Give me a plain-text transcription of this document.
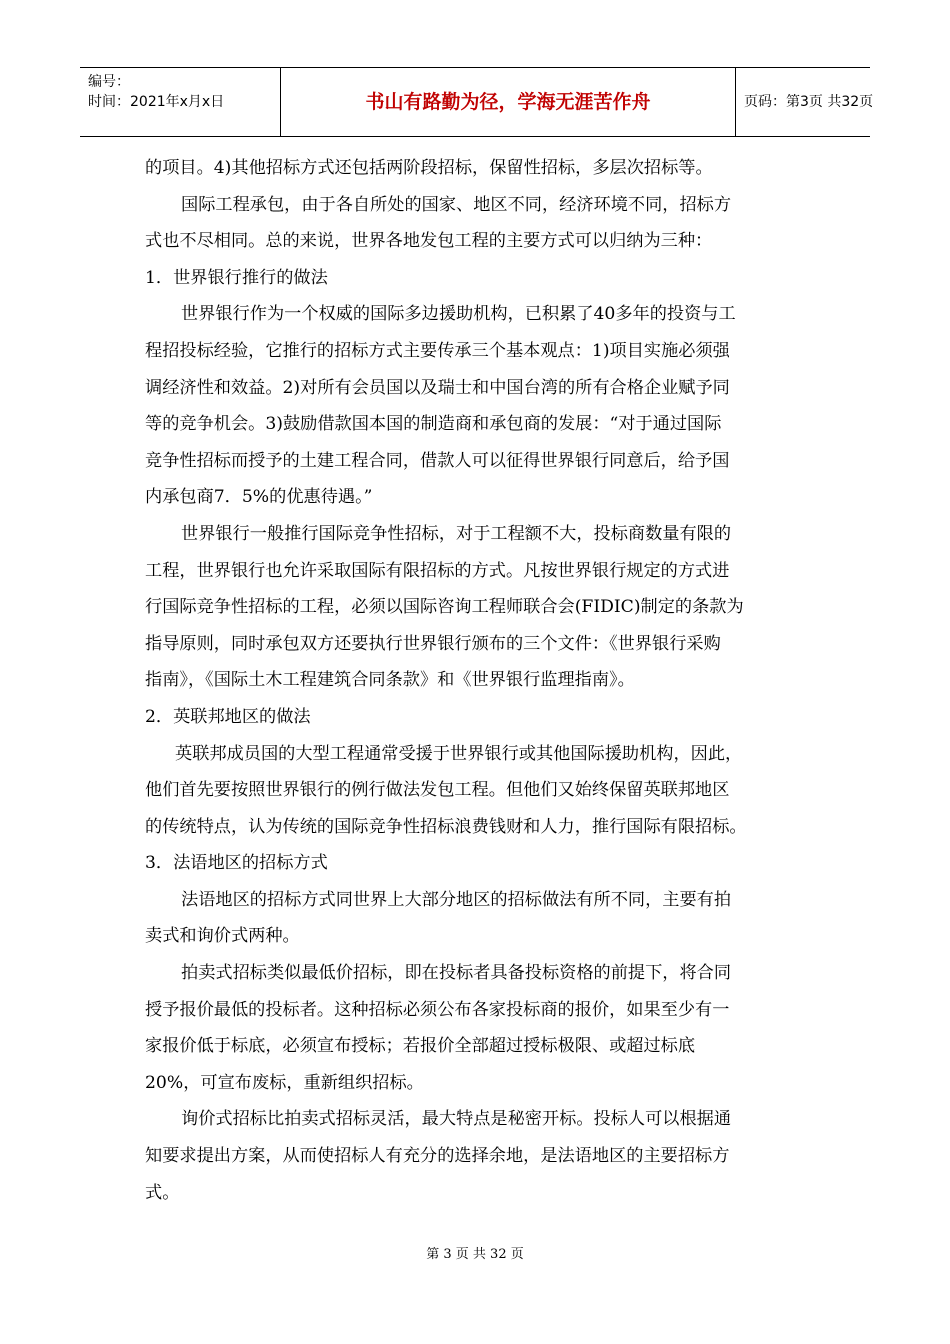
编号：
时间：2021年x月x日	书山有路勤为径，学海无涯苦作舟	页码：第3页 共32页
的项目。4)其他招标方式还包括两阶段招标，保留性招标，多层次招标等。
国际工程承包，由于各自所处的国家、地区不同，经济环境不同，招标方
式也不尽相同。总的来说，世界各地发包工程的主要方式可以归纳为三种：
1．世界银行推行的做法
世界银行作为一个权威的国际多边援助机构，已积累了40多年的投资与工
程招投标经验，它推行的招标方式主要传承三个基本观点：1)项目实施必须强
调经济性和效益。2)对所有会员国以及瑞士和中国台湾的所有合格企业赋予同
等的竞争机会。3)鼓励借款国本国的制造商和承包商的发展：“对于通过国际
竞争性招标而授予的土建工程合同，借款人可以征得世界银行同意后，给予国
内承包商7．5%的优惠待遇。”
世界银行一般推行国际竞争性招标，对于工程额不大，投标商数量有限的
工程，世界银行也允许采取国际有限招标的方式。凡按世界银行规定的方式进
行国际竞争性招标的工程，必须以国际咨询工程师联合会(FIDIC)制定的条款为
指导原则，同时承包双方还要执行世界银行颁布的三个文件：《世界银行采购
指南》，《国际土木工程建筑合同条款》和《世界银行监理指南》。
2．英联邦地区的做法
英联邦成员国的大型工程通常受援于世界银行或其他国际援助机构，因此，
他们首先要按照世界银行的例行做法发包工程。但他们又始终保留英联邦地区
的传统特点，认为传统的国际竞争性招标浪费钱财和人力，推行国际有限招标。
3．法语地区的招标方式
法语地区的招标方式同世界上大部分地区的招标做法有所不同，主要有拍
卖式和询价式两种。
拍卖式招标类似最低价招标，即在投标者具备投标资格的前提下，将合同
授予报价最低的投标者。这种招标必须公布各家投标商的报价，如果至少有一
家报价低于标底，必须宣布授标；若报价全部超过授标极限、或超过标底
20%，可宣布废标，重新组织招标。
询价式招标比拍卖式招标灵活，最大特点是秘密开标。投标人可以根据通
知要求提出方案，从而使招标人有充分的选择余地，是法语地区的主要招标方
式。
第 3 页 共 32 页
